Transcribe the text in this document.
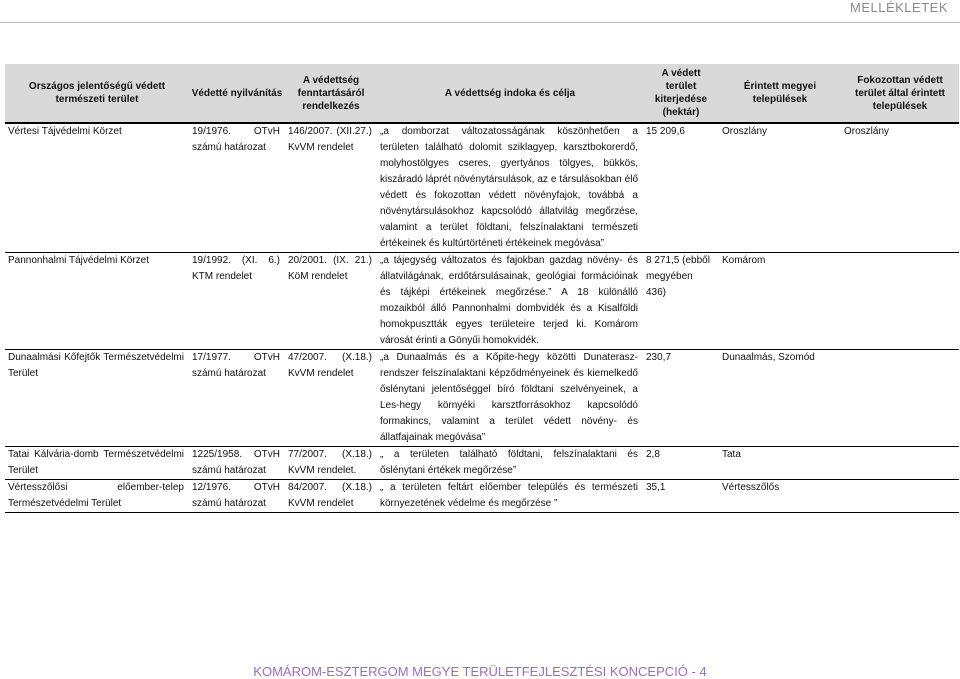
MELLÉKLETEK
Országos jelentőségű védett természeti terület	Védetté nyilvánítás	A védettség fenntartásáról rendelkezés	A védettség indoka és célja	A védett terület kiterjedése (hektár)	Érintett megyei települések	Fokozottan védett terület által érintett települések
Vértesi Tájvédelmi Körzet	19/1976. OTvH számú határozat	146/2007. (XII.27.) KvVM rendelet	„a domborzat változatosságának köszönhetően a területen található dolomit sziklagyep, karsztbokorerdő, molyhostölgyes cseres, gyertyános tölgyes, bükkös, kiszáradó láprét növénytársulások, az e társulásokban élő védett és fokozottan védett növényfajok, továbbá a növénytársulásokhoz kapcsolódó állatvilág megőrzése, valamint a terület földtani, felszínalaktani természeti értékeinek és kultúrtörténeti értékeinek megóvása”	15 209,6	Oroszlány	Oroszlány
Pannonhalmi Tájvédelmi Körzet	19/1992. (XI. 6.) KTM rendelet	20/2001. (IX. 21.) KöM rendelet	„a tájegység változatos és fajokban gazdag növény- és állatvilágának, erdőtársulásainak, geológiai formációinak és tájképi értékeinek megőrzése.” A 18 különálló mozaikból álló Pannonhalmi dombvidék és a Kisalföldi homokpusztták egyes területeire terjed ki. Komárom városát érinti a Gönyűi homokvidék.	8 271,5 (ebből megyében 436)	Komárom	
Dunaalmási Kőfejtők Természetvédelmi Terület	17/1977. OTvH számú határozat	47/2007. (X.18.) KvVM rendelet	„a Dunaalmás és a Kőpite-hegy közötti Dunaterasz-rendszer felszínalaktani képződményeinek és kiemelkedő őslénytani jelentőséggel bíró földtani szelvényeinek, a Les-hegy környéki karsztforrásokhoz kapcsolódó formakincs, valamint a terület védett növény- és állatfajainak megóvása”	230,7	Dunaalmás, Szomód	
Tatai Kálvária-domb Természetvédelmi Terület	1225/1958. OTvH számú határozat	77/2007. (X.18.) KvVM rendelet.	„ a területen található földtani, felszínalaktani és őslénytani értékek megőrzése”	2,8	Tata	
Vértesszőlősi előember-telep Természetvédelmi Terület	12/1976. OTvH számú határozat	84/2007. (X.18.) KvVM rendelet	„ a területen feltárt előember település és természeti környezetének védelme és megőrzése ”	35,1	Vértesszőlős	
KOMÁROM-ESZTERGOM MEGYE TERÜLETFEJLESZTÉSI KONCEPCIÓ - 4
